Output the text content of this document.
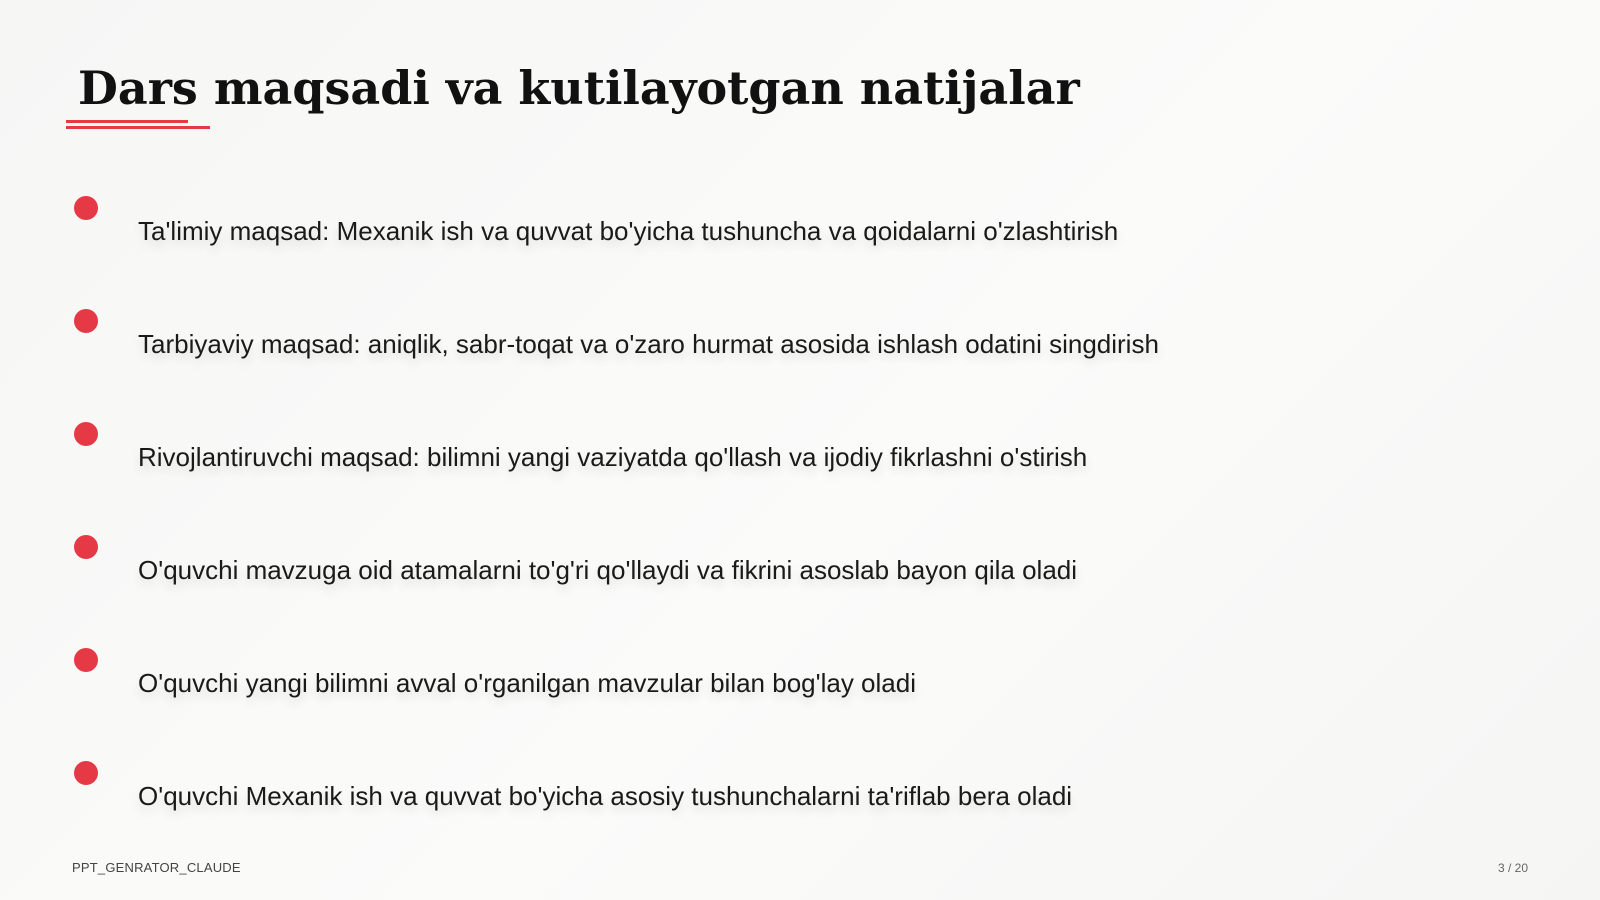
Dars maqsadi va kutilayotgan natijalar
Ta'limiy maqsad: Mexanik ish va quvvat bo'yicha tushuncha va qoidalarni o'zlashtirish
Tarbiyaviy maqsad: aniqlik, sabr-toqat va o'zaro hurmat asosida ishlash odatini singdirish
Rivojlantiruvchi maqsad: bilimni yangi vaziyatda qo'llash va ijodiy fikrlashni o'stirish
O'quvchi mavzuga oid atamalarni to'g'ri qo'llaydi va fikrini asoslab bayon qila oladi
O'quvchi yangi bilimni avval o'rganilgan mavzular bilan bog'lay oladi
O'quvchi Mexanik ish va quvvat bo'yicha asosiy tushunchalarni ta'riflab bera oladi
PPT_GENRATOR_CLAUDE	3 / 20
